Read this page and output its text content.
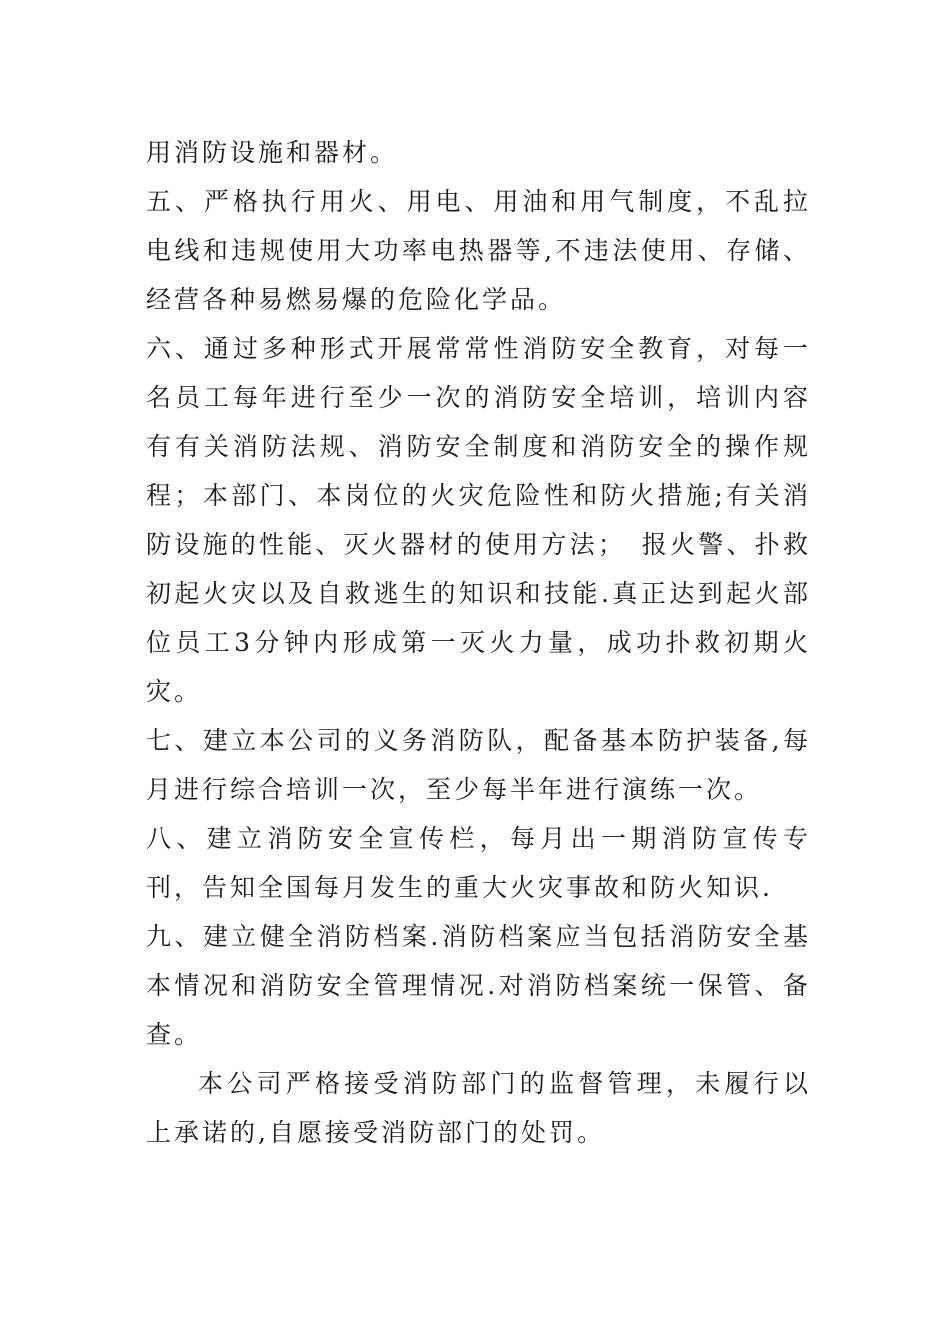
用消防设施和器材。

五、严格执行用火、用电、用油和用气制度，不乱拉电线和违规使用大功率电热器等,不违法使用、存储、经营各种易燃易爆的危险化学品。

六、通过多种形式开展常常性消防安全教育，对每一名员工每年进行至少一次的消防安全培训，培训内容有有关消防法规、消防安全制度和消防安全的操作规程；本部门、本岗位的火灾危险性和防火措施;有关消防设施的性能、灭火器材的使用方法；　报火警、扑救初起火灾以及自救逃生的知识和技能.真正达到起火部位员工3分钟内形成第一灭火力量，成功扑救初期火灾。

七、建立本公司的义务消防队，配备基本防护装备,每月进行综合培训一次，至少每半年进行演练一次。

八、建立消防安全宣传栏，每月出一期消防宣传专刊，告知全国每月发生的重大火灾事故和防火知识.

九、建立健全消防档案.消防档案应当包括消防安全基本情况和消防安全管理情况.对消防档案统一保管、备查。

本公司严格接受消防部门的监督管理，未履行以上承诺的,自愿接受消防部门的处罚。
